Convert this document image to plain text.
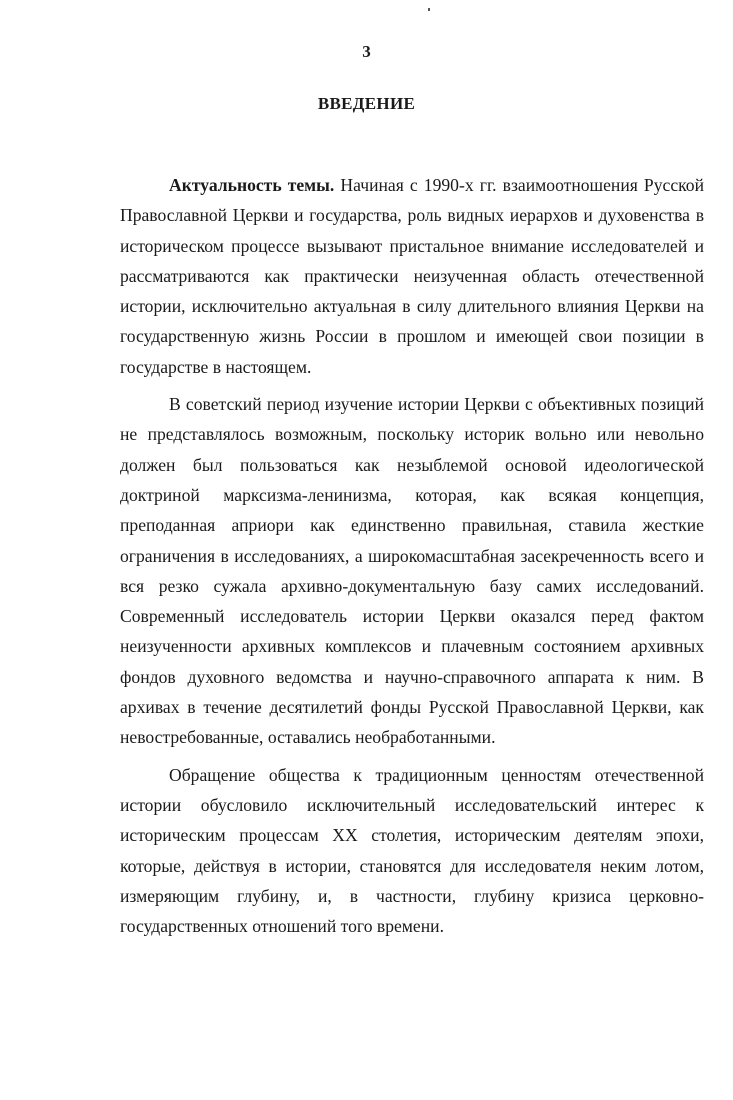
3
ВВЕДЕНИЕ

Актуальность темы. Начиная с 1990-х гг. взаимоотношения Русской Православной Церкви и государства, роль видных иерархов и духовенства в историческом процессе вызывают пристальное внимание исследователей и рассматриваются как практически неизученная область отечественной истории, исключительно актуальная в силу длительного влияния Церкви на государственную жизнь России в прошлом и имеющей свои позиции в государстве в настоящем.

В советский период изучение истории Церкви с объективных позиций не представлялось возможным, поскольку историк вольно или невольно должен был пользоваться как незыблемой основой идеологической доктриной марксизма-ленинизма, которая, как всякая концепция, преподанная априори как единственно правильная, ставила жесткие ограничения в исследованиях, а широкомасштабная засекреченность всего и вся резко сужала архивно-документальную базу самих исследований. Современный исследователь истории Церкви оказался перед фактом неизученности архивных комплексов и плачевным состоянием архивных фондов духовного ведомства и научно-справочного аппарата к ним. В архивах в течение десятилетий фонды Русской Православной Церкви, как невостребованные, оставались необработанными.

Обращение общества к традиционным ценностям отечественной истории обусловило исключительный исследовательский интерес к историческим процессам XX столетия, историческим деятелям эпохи, которые, действуя в истории, становятся для исследователя неким лотом, измеряющим глубину, и, в частности, глубину кризиса церковно-государственных отношений того времени.
